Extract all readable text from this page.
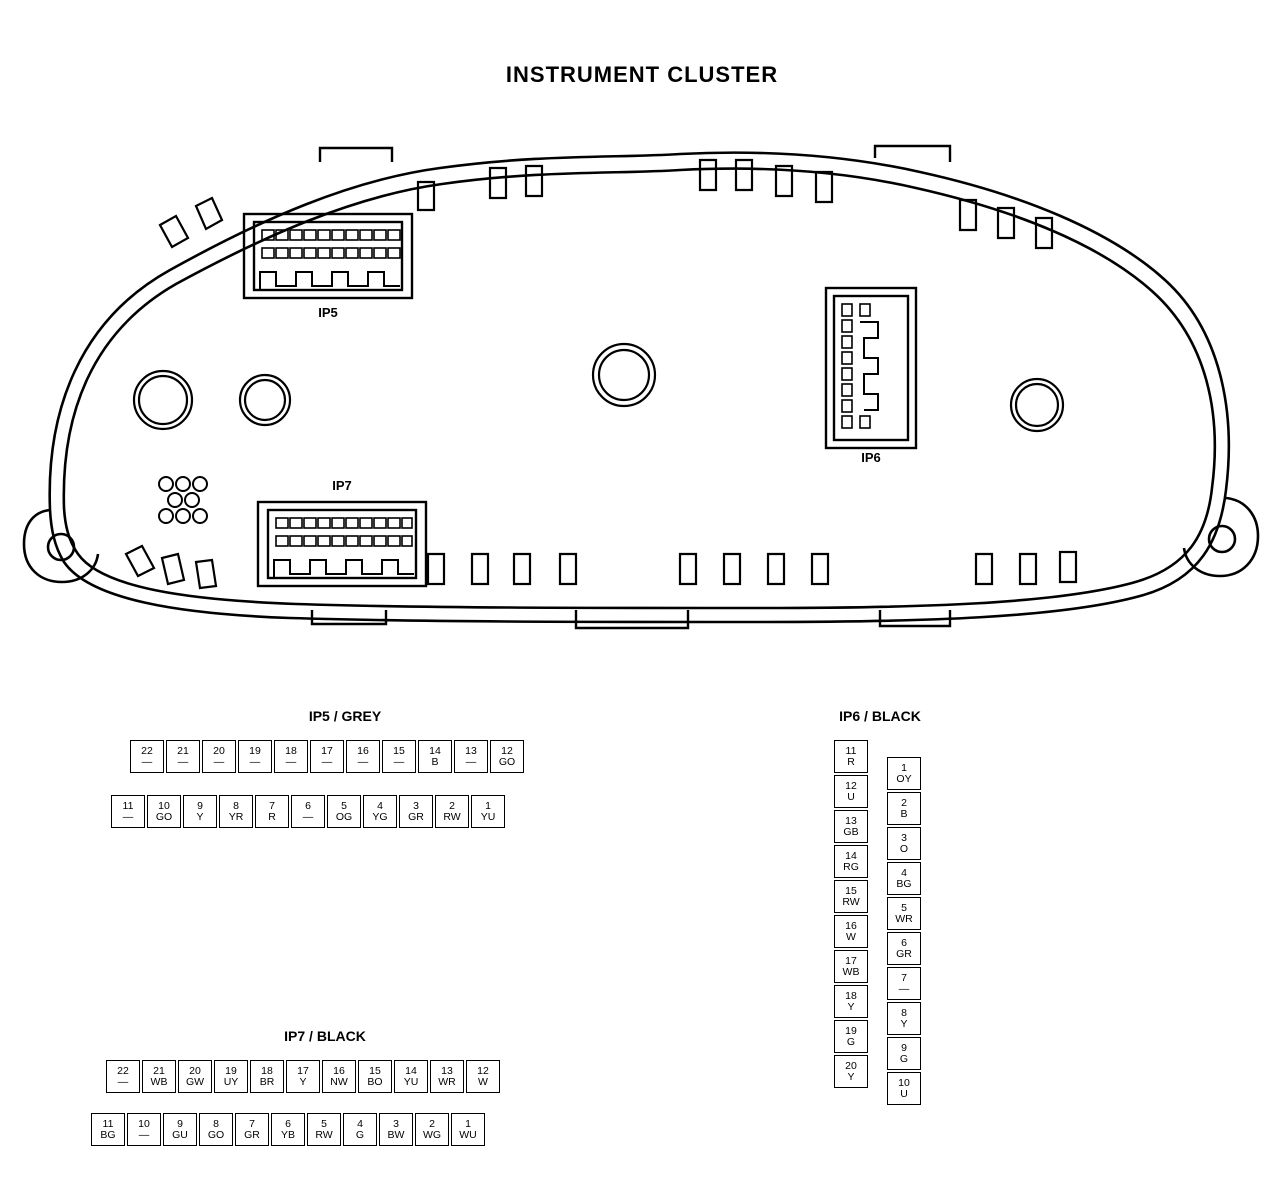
INSTRUMENT CLUSTER
IP5
IP6
IP7
IP5 / GREY
22
—
21
—
20
—
19
—
18
—
17
—
16
—
15
—
14
B
13
—
12
GO
11
—
10
GO
9
Y
8
YR
7
R
6
—
5
OG
4
YG
3
GR
2
RW
1
YU
IP7 / BLACK
22
—
21
WB
20
GW
19
UY
18
BR
17
Y
16
NW
15
BO
14
YU
13
WR
12
W
11
BG
10
—
9
GU
8
GO
7
GR
6
YB
5
RW
4
G
3
BW
2
WG
1
WU
IP6 / BLACK
11
R
12
U
13
GB
14
RG
15
RW
16
W
17
WB
18
Y
19
G
20
Y
1
OY
2
B
3
O
4
BG
5
WR
6
GR
7
—
8
Y
9
G
10
U
